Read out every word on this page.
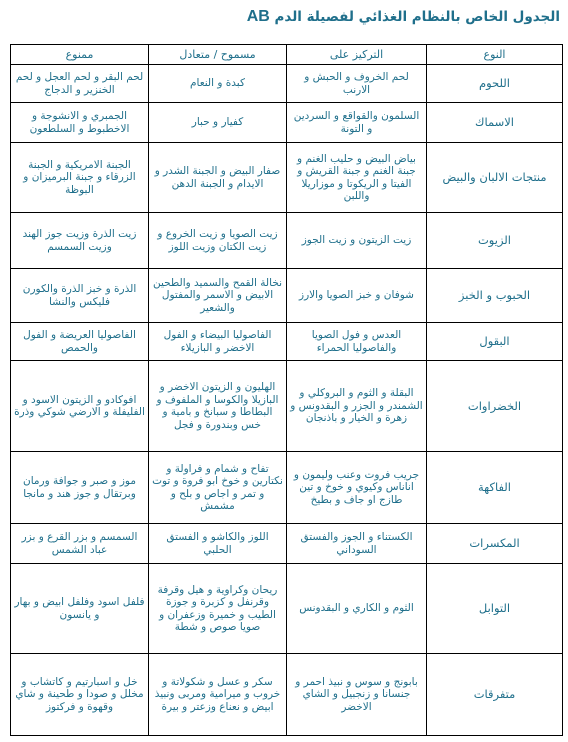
الجدول الخاص بالنظام الغذائي لفصيلة الدم AB
النوع	التركيز على	مسموح / متعادل	ممنوع
اللحوم	لحم الخروف و الحبش و الارنب	كبدة و النعام	لحم البقر و لحم العجل و لحم الخنزير و الدجاج
الاسماك	السلمون والقواقع و السردين و التونة	كفيار و حبار	الجمبري و الانشوجة و الاخطبوط و السلطعون
منتجات الالبان والبيض	بياض البيض و حليب الغنم و جبنة الغنم و جبنة القريش و الفيتا و الريكوتا و موزاريلا واللبن	صفار البيض و الجبنة الشدر و الايدام و الجبنة الدهن	الجبنة الامريكية و الجبنة الزرقاء و جبنة البرميزان و البوظة
الزيوت	زيت الزيتون و زيت الجوز	زيت الصويا و زيت الخروع و زيت الكتان وزيت اللوز	زيت الذرة وزيت جوز الهند وزيت السمسم
الحبوب و الخبز	شوفان و خبز الصويا والارز	نخالة القمح والسميد والطحين الابيض و الاسمر والمفتول والشعير	الذرة و خبز الذرة والكورن فليكس والنشا
البقول	العدس و فول الصويا والفاصوليا الحمراء	الفاصوليا البيضاء و الفول الاخضر و البازيلاء	الفاصوليا العريضة و الفول والحمص
الخضراوات	البقلة و الثوم و البروكلي و الشمندر و الجزر و البقدونس و زهرة و الخيار و باذنجان	الهليون و الزيتون الاخضر و البازيلا والكوسا و الملفوف و البطاطا و سبانخ و بامية و خس وبندورة و فجل	افوكادو و الزيتون الاسود و الفليفلة و الارضي شوكي وذرة
الفاكهة	جريب فروت وعنب وليمون و اناناس وكيوي و خوخ و تين طازج او جاف و بطيخ	تفاح و شمام و فراولة و نكتارين و خوخ ابو فروة و توت و تمر و اجاص و بلح و مشمش	موز و صبر و جوافة ورمان وبرتقال و جوز هند و مانجا
المكسرات	الكستناء و الجوز والفستق السوداني	اللوز والكاشو و الفستق الحلبي	السمسم و بزر القرع و بزر عباد الشمس
التوابل	الثوم و الكاري و البقدونس	ريحان وكراوية و هيل وقرفة وقرنفل و كزبرة و جوزة الطيب و خميرة وزعفران و صويا صوص و شطة	فلفل اسود وفلفل ابيض و بهار و يانسون
متفرقات	بابونج و سوس و نبيذ احمر و جنسانا و زنجبيل و الشاي الاخضر	سكر و عسل و شكولاتة و خروب و ميرامية ومربى ونبيذ ابيض و نعناع وزعتر و بيرة	خل و اسبارتيم و كاتشاب و مخلل و صودا و طحينة و شاي وقهوة و فركتوز
